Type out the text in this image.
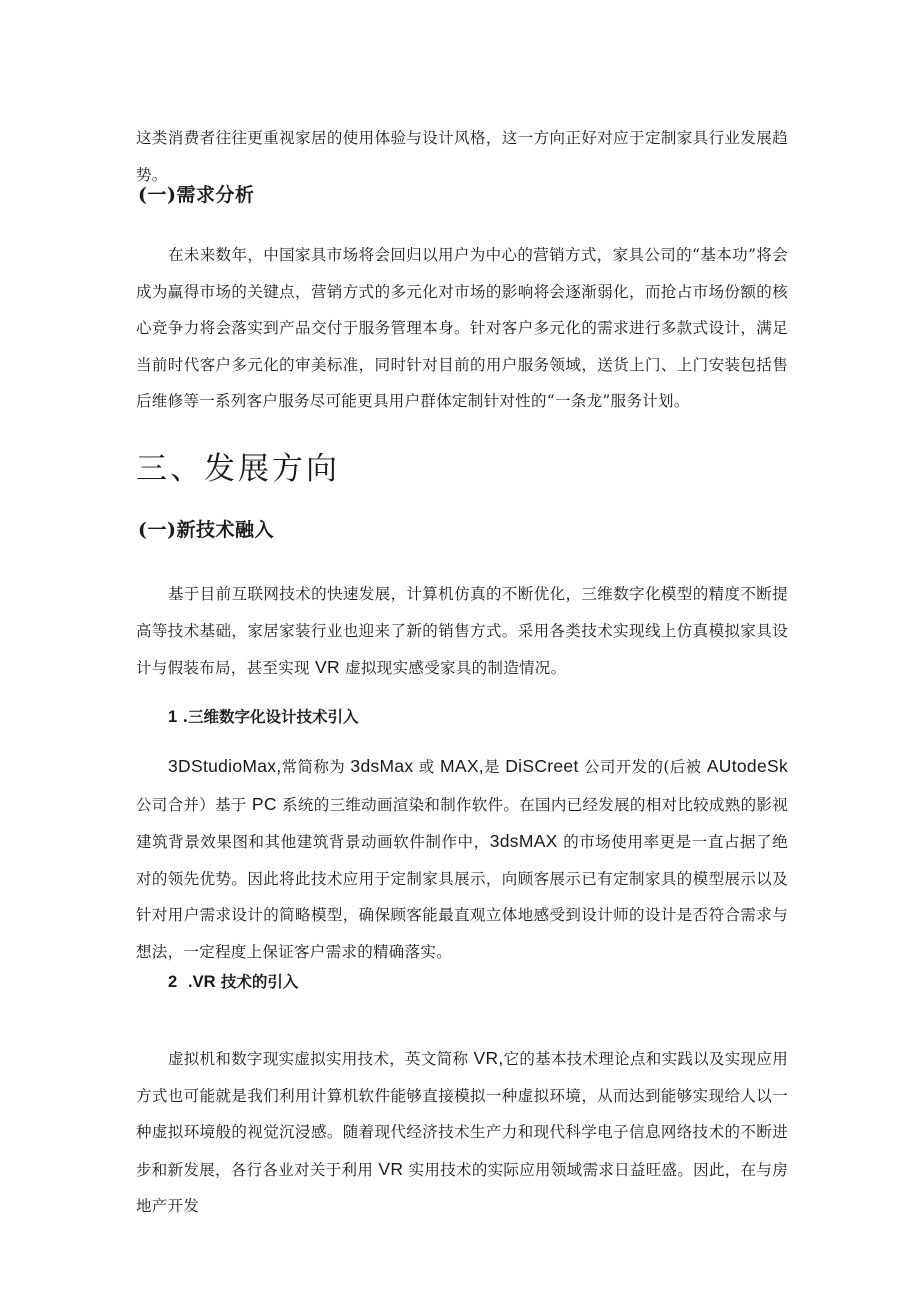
这类消费者往往更重视家居的使用体验与设计风格，这一方向正好对应于定制家具行业发展趋势。

(一)需求分析

在未来数年，中国家具市场将会回归以用户为中心的营销方式，家具公司的“基本功”将会成为赢得市场的关键点，营销方式的多元化对市场的影响将会逐渐弱化，而抢占市场份额的核心竞争力将会落实到产品交付于服务管理本身。针对客户多元化的需求进行多款式设计，满足当前时代客户多元化的审美标准，同时针对目前的用户服务领域，送货上门、上门安装包括售后维修等一系列客户服务尽可能更具用户群体定制针对性的“一条龙”服务计划。

三、发展方向
(一)新技术融入

基于目前互联网技术的快速发展，计算机仿真的不断优化，三维数字化模型的精度不断提高等技术基础，家居家装行业也迎来了新的销售方式。采用各类技术实现线上仿真模拟家具设计与假装布局，甚至实现 VR 虚拟现实感受家具的制造情况。

1 .三维数字化设计技术引入

3DStudioMax,常简称为 3dsMax 或 MAX,是 DiSCreet 公司开发的(后被 AUtodeSk公司合并）基于 PC 系统的三维动画渲染和制作软件。在国内已经发展的相对比较成熟的影视建筑背景效果图和其他建筑背景动画软件制作中，3dsMAX 的市场使用率更是一直占据了绝对的领先优势。因此将此技术应用于定制家具展示，向顾客展示已有定制家具的模型展示以及针对用户需求设计的简略模型，确保顾客能最直观立体地感受到设计师的设计是否符合需求与想法，一定程度上保证客户需求的精确落实。

2 .VR 技术的引入

虚拟机和数字现实虚拟实用技术，英文简称 VR,它的基本技术理论点和实践以及实现应用方式也可能就是我们利用计算机软件能够直接模拟一种虚拟环境，从而达到能够实现给人以一种虚拟环境般的视觉沉浸感。随着现代经济技术生产力和现代科学电子信息网络技术的不断进步和新发展，各行各业对关于利用 VR 实用技术的实际应用领域需求日益旺盛。因此，在与房地产开发
